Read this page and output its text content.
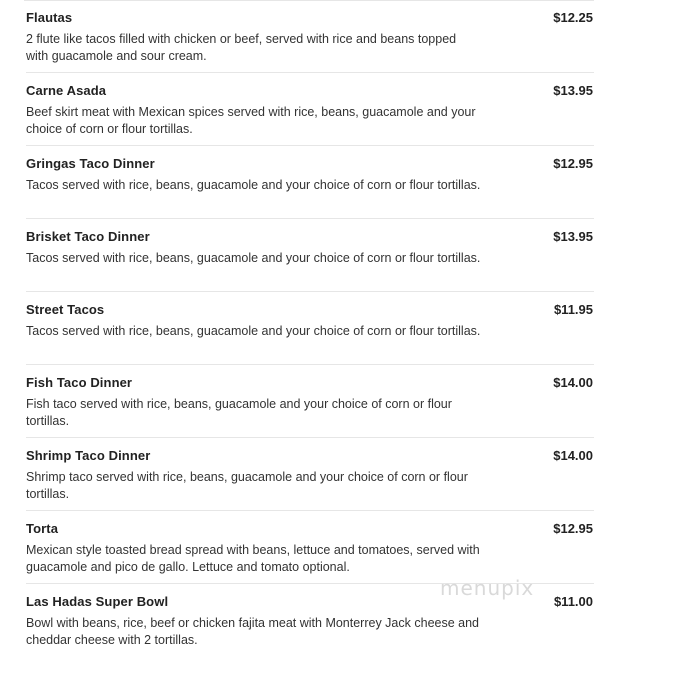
Flautas	$12.25
2 flute like tacos filled with chicken or beef, served with rice and beans topped with guacamole and sour cream.
Carne Asada	$13.95
Beef skirt meat with Mexican spices served with rice, beans, guacamole and your choice of corn or flour tortillas.
Gringas Taco Dinner	$12.95
Tacos served with rice, beans, guacamole and your choice of corn or flour tortillas.
Brisket Taco Dinner	$13.95
Tacos served with rice, beans, guacamole and your choice of corn or flour tortillas.
Street Tacos	$11.95
Tacos served with rice, beans, guacamole and your choice of corn or flour tortillas.
Fish Taco Dinner	$14.00
Fish taco served with rice, beans, guacamole and your choice of corn or flour tortillas.
Shrimp Taco Dinner	$14.00
Shrimp taco served with rice, beans, guacamole and your choice of corn or flour tortillas.
Torta	$12.95
Mexican style toasted bread spread with beans, lettuce and tomatoes, served with guacamole and pico de gallo. Lettuce and tomato optional.
Las Hadas Super Bowl	$11.00
Bowl with beans, rice, beef or chicken fajita meat with Monterrey Jack cheese and cheddar cheese with 2 tortillas.
menupix
